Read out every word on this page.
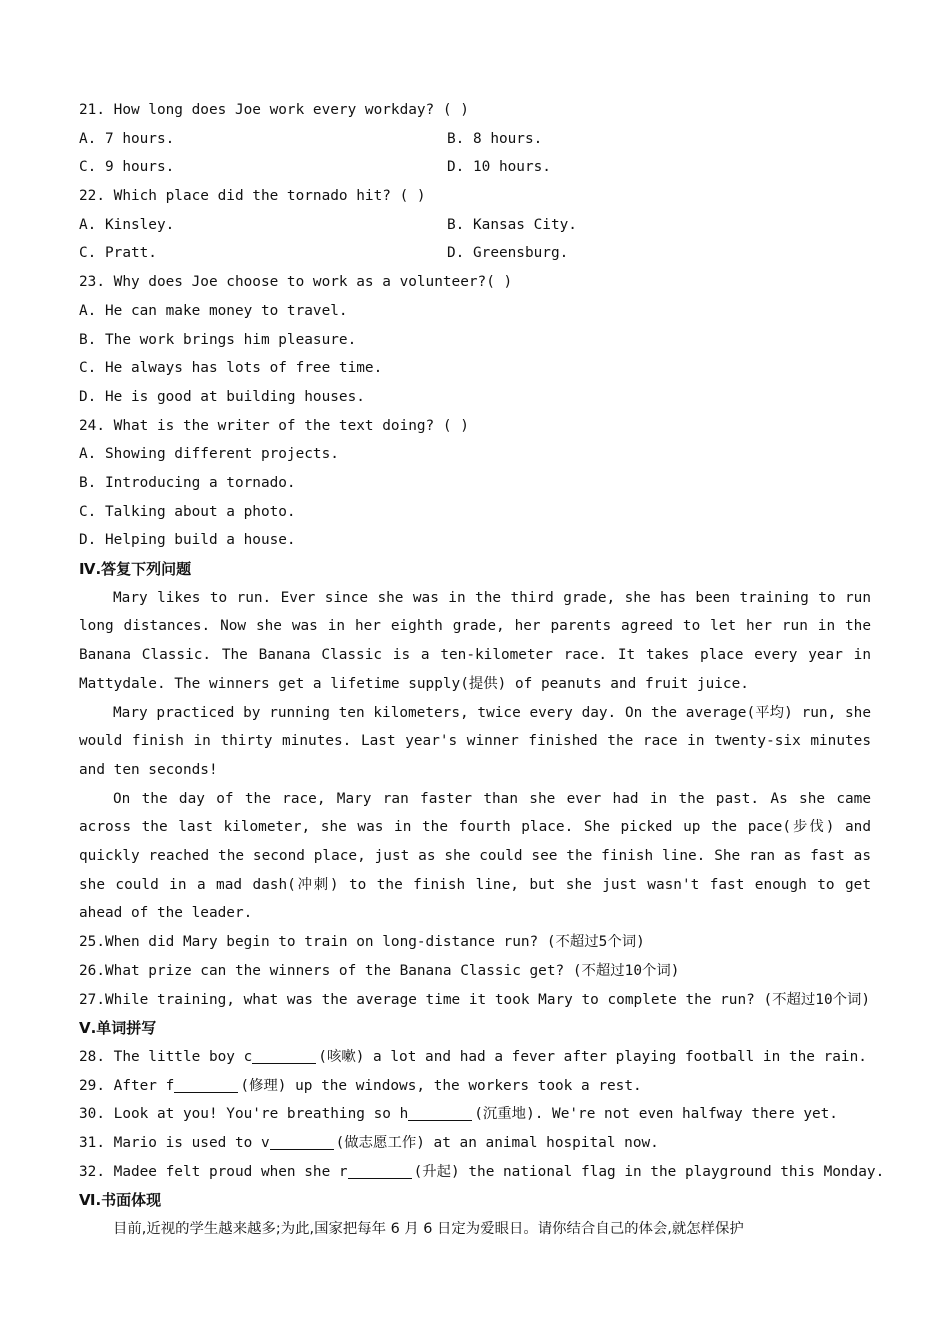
21. How long does Joe work every workday? ( )
A. 7 hours.	B. 8 hours.
C. 9 hours.	D. 10 hours.
22. Which place did the tornado hit? ( )
A. Kinsley.	B. Kansas City.
C. Pratt.	D. Greensburg.
23. Why does Joe choose to work as a volunteer?( )
A. He can make money to travel.
B. The work brings him pleasure.
C. He always has lots of free time.
D. He is good at building houses.
24. What is the writer of the text doing? ( )
A. Showing different projects.
B. Introducing a tornado.
C. Talking about a photo.
D. Helping build a house.
Ⅳ.答复下列问题
Mary likes to run. Ever since she was in the third grade, she has been training to run long distances. Now she was in her eighth grade, her parents agreed to let her run in the Banana Classic. The Banana Classic is a ten-kilometer race. It takes place every year in Mattydale. The winners get a lifetime supply(提供) of peanuts and fruit juice.
Mary practiced by running ten kilometers, twice every day. On the average(平均) run, she would finish in thirty minutes. Last year's winner finished the race in twenty-six minutes and ten seconds!
On the day of the race, Mary ran faster than she ever had in the past. As she came across the last kilometer, she was in the fourth place. She picked up the pace(步伐) and quickly reached the second place, just as she could see the finish line. She ran as fast as she could in a mad dash(冲刺) to the finish line, but she just wasn't fast enough to get ahead of the leader.
25.When did Mary begin to train on long-distance run? (不超过5个词)
26.What prize can the winners of the Banana Classic get? (不超过10个词)
27.While training, what was the average time it took Mary to complete the run? (不超过10个词)
Ⅴ.单词拼写
28. The little boy c	(咳嗽) a lot and had a fever after playing football in the rain.
29. After f	(修理) up the windows, the workers took a rest.
30. Look at you! You're breathing so h	(沉重地). We're not even halfway there yet.
31. Mario is used to v	(做志愿工作) at an animal hospital now.
32. Madee felt proud when she r	(升起) the national flag in the playground this Monday.
Ⅵ.书面体现
目前,近视的学生越来越多;为此,国家把每年 6 月 6 日定为爱眼日。请你结合自己的体会,就怎样保护
